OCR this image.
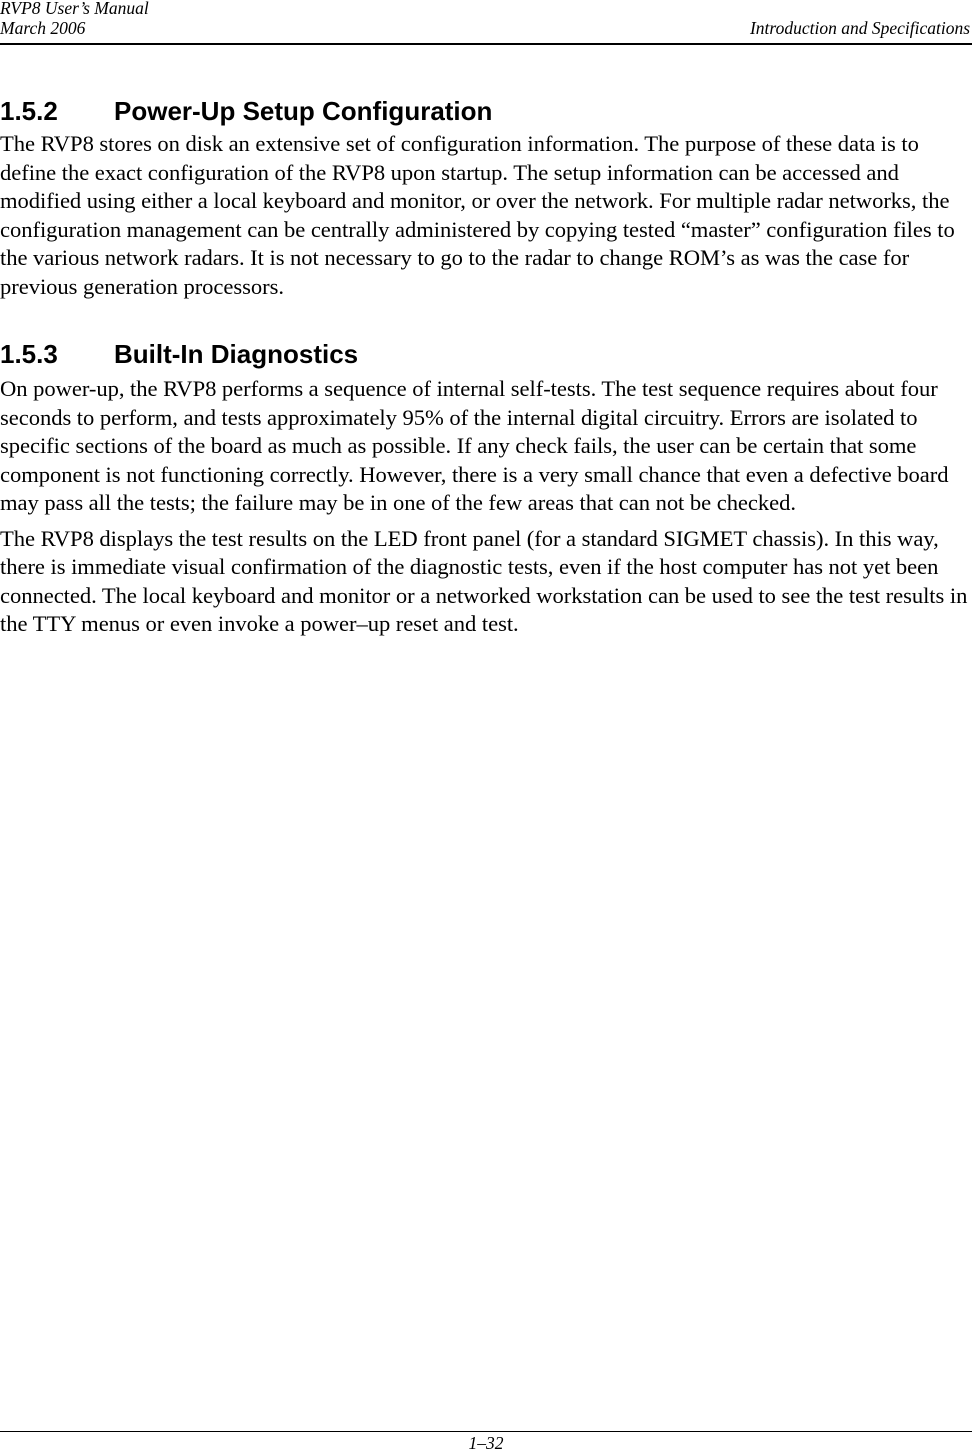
RVP8 User’s Manual
March 2006	Introduction and Specifications
1.5.2	Power-Up Setup Configuration

The RVP8 stores on disk an extensive set of configuration information. The purpose of these data is to define the exact configuration of the RVP8 upon startup. The setup information can be accessed and modified using either a local keyboard and monitor, or over the network. For multiple radar networks, the configuration management can be centrally administered by copying tested “master” configuration files to the various network radars. It is not necessary to go to the radar to change ROM’s as was the case for previous generation processors.

1.5.3	Built-In Diagnostics

On power-up, the RVP8 performs a sequence of internal self-tests. The test sequence requires about four seconds to perform, and tests approximately 95% of the internal digital circuitry. Errors are isolated to specific sections of the board as much as possible. If any check fails, the user can be certain that some component is not functioning correctly. However, there is a very small chance that even a defective board may pass all the tests; the failure may be in one of the few areas that can not be checked.

The RVP8 displays the test results on the LED front panel (for a standard SIGMET chassis). In this way, there is immediate visual confirmation of the diagnostic tests, even if the host computer has not yet been connected. The local keyboard and monitor or a networked workstation can be used to see the test results in the TTY menus or even invoke a power–up reset and test.

1–32
